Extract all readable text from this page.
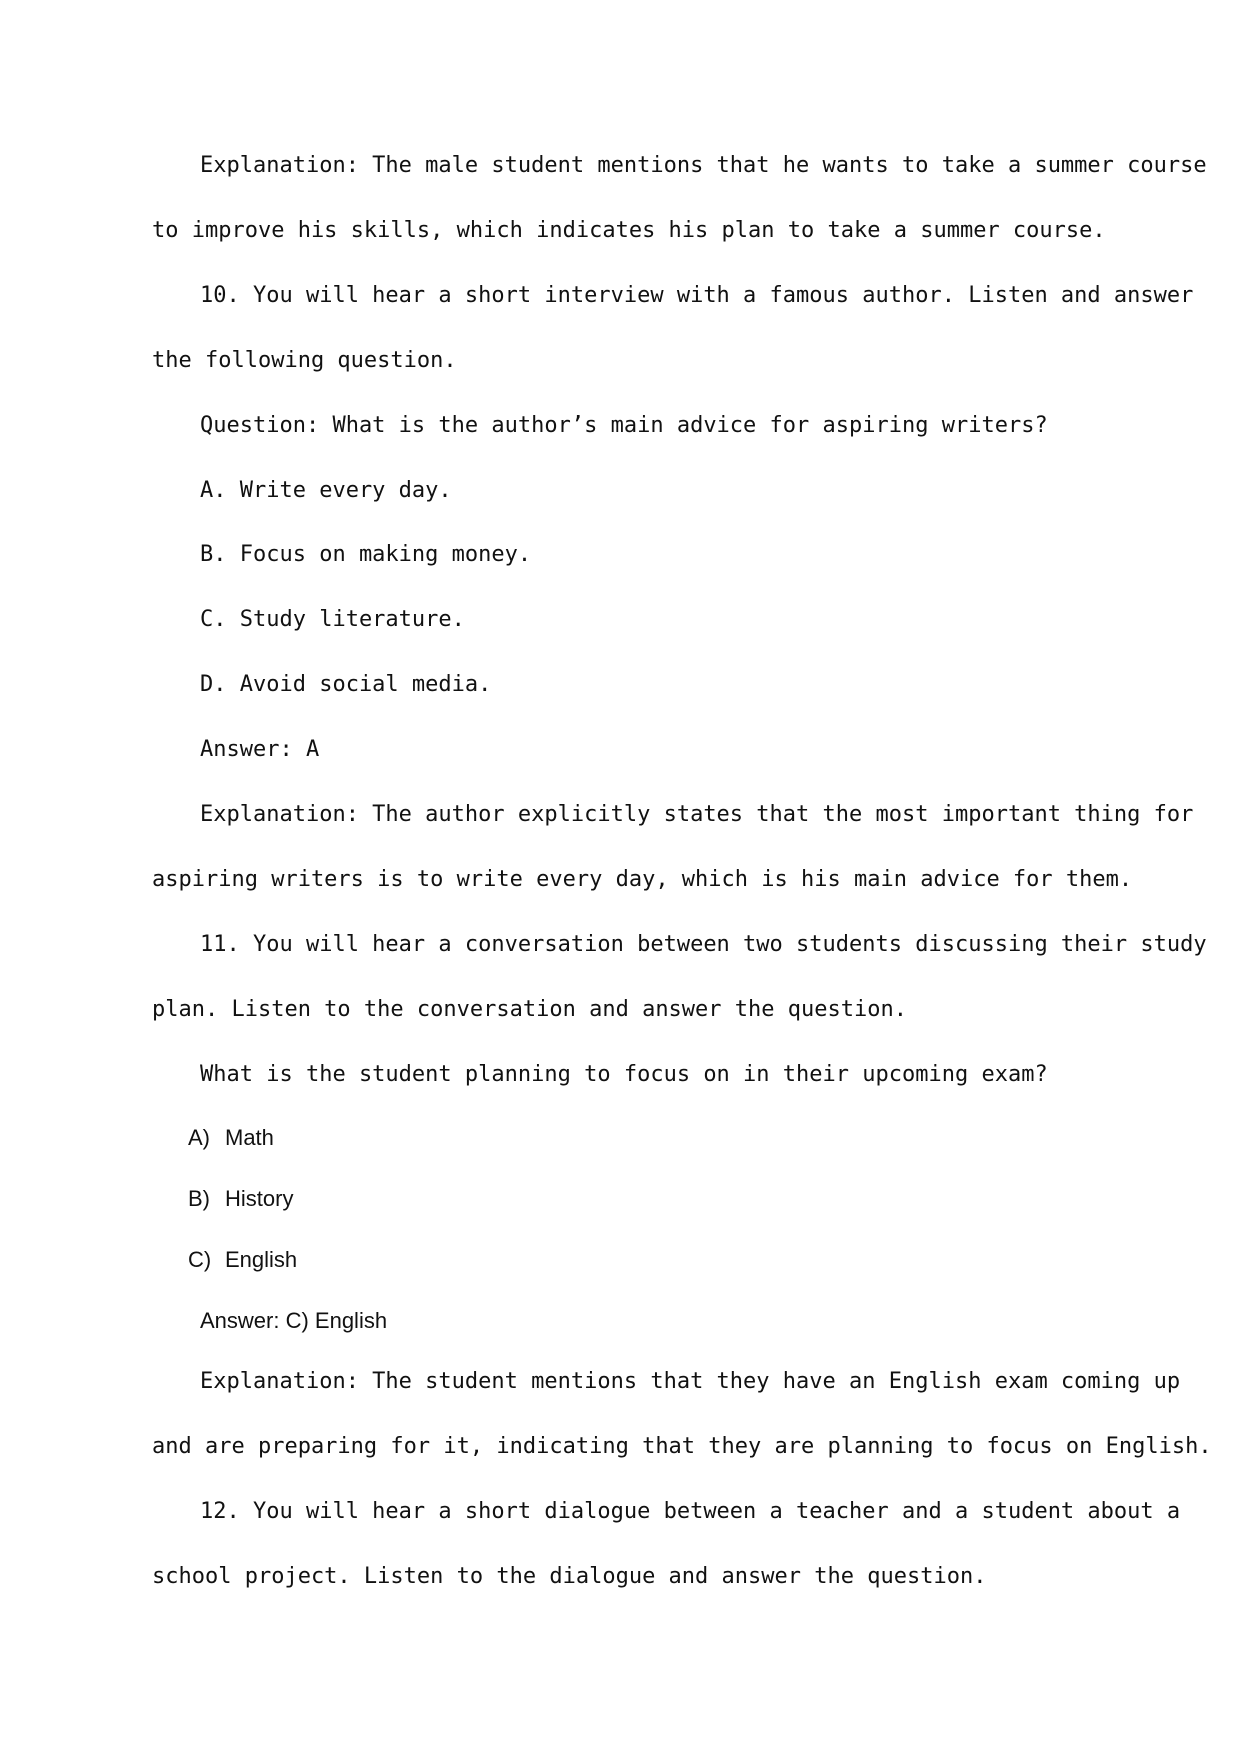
Explanation: The male student mentions that he wants to take a summer course

to improve his skills, which indicates his plan to take a summer course.

10. You will hear a short interview with a famous author. Listen and answer

the following question.

Question: What is the author’s main advice for aspiring writers?

A. Write every day.

B. Focus on making money.

C. Study literature.

D. Avoid social media.

Answer: A

Explanation: The author explicitly states that the most important thing for

aspiring writers is to write every day, which is his main advice for them.

11. You will hear a conversation between two students discussing their study

plan. Listen to the conversation and answer the question.

What is the student planning to focus on in their upcoming exam?

A) Math
B) History
C) English

Answer: C) English

Explanation: The student mentions that they have an English exam coming up

and are preparing for it, indicating that they are planning to focus on English.

12. You will hear a short dialogue between a teacher and a student about a

school project. Listen to the dialogue and answer the question.
